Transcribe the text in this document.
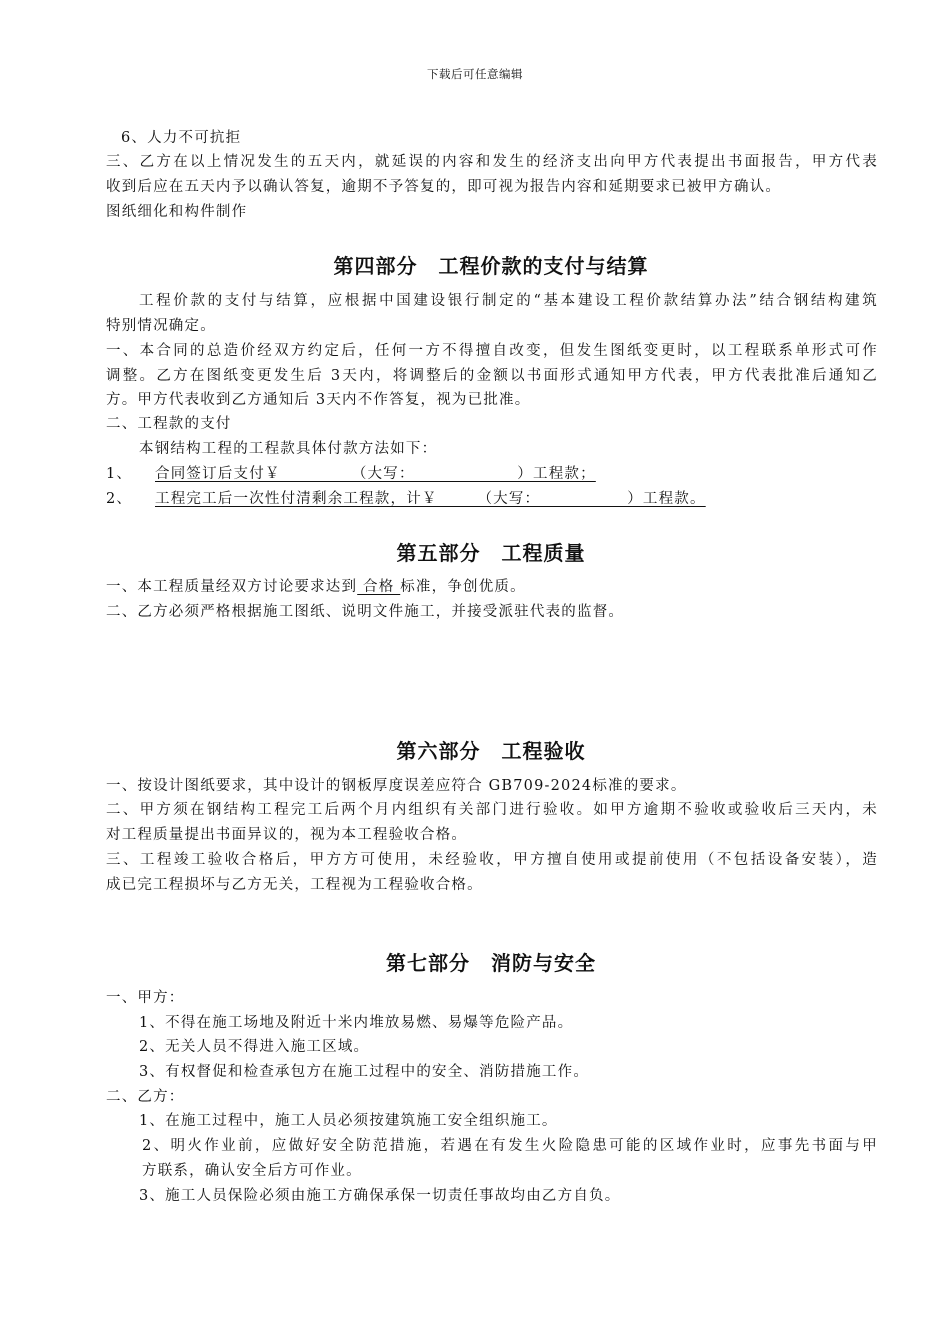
下载后可任意编辑
6、人力不可抗拒
三、乙方在以上情况发生的五天内，就延误的内容和发生的经济支出向甲方代表提出书面报告，甲方代表
收到后应在五天内予以确认答复，逾期不予答复的，即可视为报告内容和延期要求已被甲方确认。
图纸细化和构件制作
第四部分　工程价款的支付与结算
工程价款的支付与结算，应根据中国建设银行制定的“基本建设工程价款结算办法”结合钢结构建筑
特别情况确定。
一、本合同的总造价经双方约定后，任何一方不得擅自改变，但发生图纸变更时，以工程联系单形式可作
调整。乙方在图纸变更发生后 3天内，将调整后的金额以书面形式通知甲方代表，甲方代表批准后通知乙
方。甲方代表收到乙方通知后 3天内不作答复，视为已批准。
二、工程款的支付
本钢结构工程的工程款具体付款方法如下：
1、 合同签订后支付￥　　　　　（大写：　　　　　　　）工程款；
2、 工程完工后一次性付清剩余工程款，计￥　　　（大写：　　　　　　）工程款。
第五部分　工程质量
一、本工程质量经双方讨论要求达到 合格 标准，争创优质。
二、乙方必须严格根据施工图纸、说明文件施工，并接受派驻代表的监督。
第六部分　工程验收
一、按设计图纸要求，其中设计的钢板厚度误差应符合 GB709-2024标准的要求。
二、甲方须在钢结构工程完工后两个月内组织有关部门进行验收。如甲方逾期不验收或验收后三天内，未
对工程质量提出书面异议的，视为本工程验收合格。
三、工程竣工验收合格后，甲方方可使用，未经验收，甲方擅自使用或提前使用（不包括设备安装），造
成已完工程损坏与乙方无关，工程视为工程验收合格。
第七部分　消防与安全
一、甲方：
1、不得在施工场地及附近十米内堆放易燃、易爆等危险产品。
2、无关人员不得进入施工区域。
3、有权督促和检查承包方在施工过程中的安全、消防措施工作。
二、乙方：
1、在施工过程中，施工人员必须按建筑施工安全组织施工。
2、明火作业前，应做好安全防范措施，若遇在有发生火险隐患可能的区域作业时，应事先书面与甲
方联系，确认安全后方可作业。
3、施工人员保险必须由施工方确保承保一切责任事故均由乙方自负。
